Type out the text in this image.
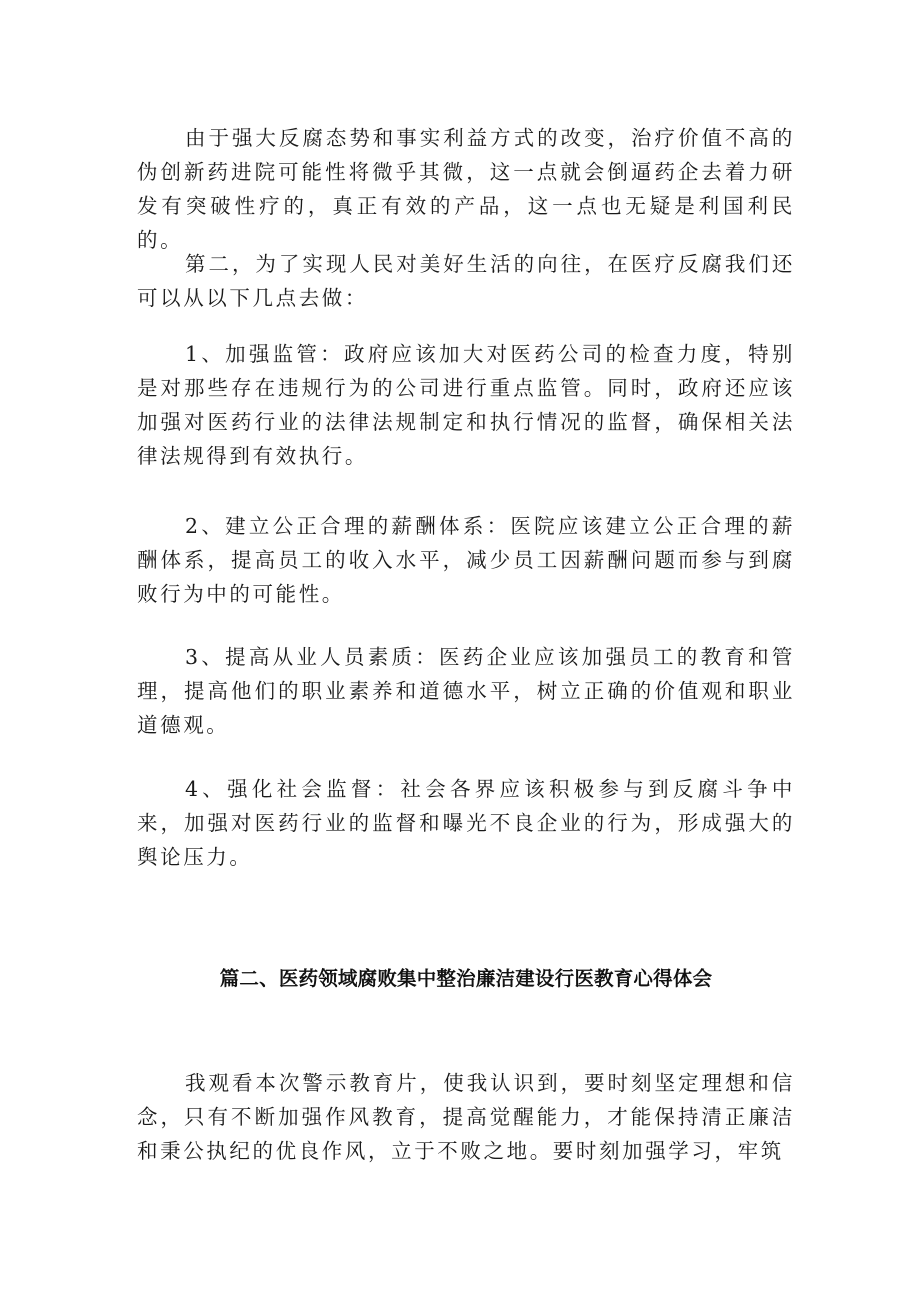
由于强大反腐态势和事实利益方式的改变，治疗价值不高的伪创新药进院可能性将微乎其微，这一点就会倒逼药企去着力研发有突破性疗的，真正有效的产品，这一点也无疑是利国利民的。

第二，为了实现人民对美好生活的向往，在医疗反腐我们还可以从以下几点去做：

1、加强监管：政府应该加大对医药公司的检查力度，特别是对那些存在违规行为的公司进行重点监管。同时，政府还应该加强对医药行业的法律法规制定和执行情况的监督，确保相关法律法规得到有效执行。

2、建立公正合理的薪酬体系：医院应该建立公正合理的薪酬体系，提高员工的收入水平，减少员工因薪酬问题而参与到腐败行为中的可能性。

3、提高从业人员素质：医药企业应该加强员工的教育和管理，提高他们的职业素养和道德水平，树立正确的价值观和职业道德观。

4、强化社会监督：社会各界应该积极参与到反腐斗争中来，加强对医药行业的监督和曝光不良企业的行为，形成强大的舆论压力。

篇二、医药领域腐败集中整治廉洁建设行医教育心得体会

我观看本次警示教育片，使我认识到，要时刻坚定理想和信念，只有不断加强作风教育，提高觉醒能力，才能保持清正廉洁和秉公执纪的优良作风，立于不败之地。要时刻加强学习，牢筑
